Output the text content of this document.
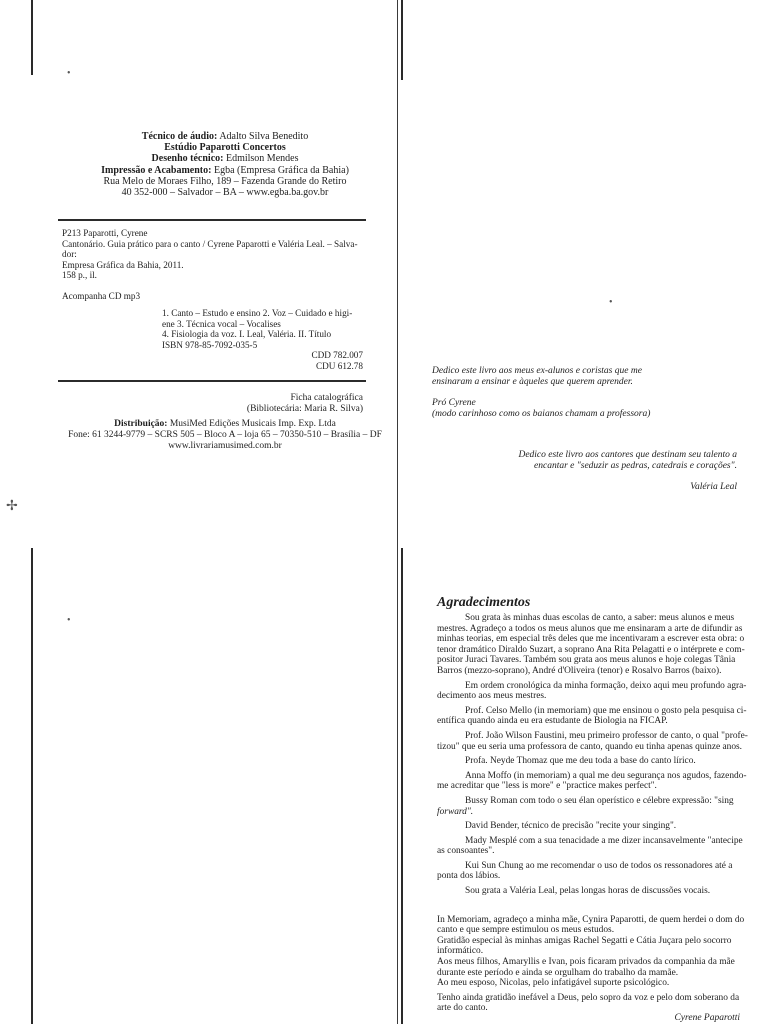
•
•
•
✢
Técnico de áudio: Adalto Silva Benedito
Estúdio Paparotti Concertos
Desenho técnico: Edmilson Mendes
Impressão e Acabamento: Egba (Empresa Gráfica da Bahia)
Rua Melo de Moraes Filho, 189 – Fazenda Grande do Retiro
40 352-000 – Salvador – BA – www.egba.ba.gov.br
P213 Paparotti, Cyrene
Cantonário. Guia prático para o canto / Cyrene Paparotti e Valéria Leal. – Salva-
dor:
Empresa Gráfica da Bahia, 2011.
158 p., il.
Acompanha CD mp3
1. Canto – Estudo e ensino 2. Voz – Cuidado e higi-
ene 3. Técnica vocal – Vocalises
4. Fisiologia da voz. I. Leal, Valéria. II. Título
ISBN 978-85-7092-035-5
CDD 782.007
CDU 612.78
Ficha catalográfica
(Bibliotecária: Maria R. Silva)
Distribuição: MusiMed Edições Musicais Imp. Exp. Ltda
Fone: 61 3244-9779 – SCRS 505 – Bloco A – loja 65 – 70350-510 – Brasília – DF
www.livrariamusimed.com.br
Dedico este livro aos meus ex-alunos e coristas que me
ensinaram a ensinar e àqueles que querem aprender.
Pró Cyrene
(modo carinhoso como os baianos chamam a professora)
Dedico este livro aos cantores que destinam seu talento a
encantar e "seduzir as pedras, catedrais e corações".
Valéria Leal
Agradecimentos
Sou grata às minhas duas escolas de canto, a saber: meus alunos e meus
mestres. Agradeço a todos os meus alunos que me ensinaram a arte de difundir as
minhas teorias, em especial três deles que me incentivaram a escrever esta obra: o
tenor dramático Diraldo Suzart, a soprano Ana Rita Pelagatti e o intérprete e com-
positor Juraci Tavares. Também sou grata aos meus alunos e hoje colegas Tânia
Barros (mezzo-soprano), André d'Oliveira (tenor) e Rosalvo Barros (baixo).
Em ordem cronológica da minha formação, deixo aqui meu profundo agra-
decimento aos meus mestres.
Prof. Celso Mello (in memoriam) que me ensinou o gosto pela pesquisa ci-
entífica quando ainda eu era estudante de Biologia na FICAP.
Prof. João Wilson Faustini, meu primeiro professor de canto, o qual "profe-
tizou" que eu seria uma professora de canto, quando eu tinha apenas quinze anos.
Profa. Neyde Thomaz que me deu toda a base do canto lírico.
Anna Moffo (in memoriam) a qual me deu segurança nos agudos, fazendo-
me acreditar que "less is more" e "practice makes perfect".
Bussy Roman com todo o seu élan operístico e célebre expressão: "sing
forward".
David Bender, técnico de precisão "recite your singing".
Mady Mesplé com a sua tenacidade a me dizer incansavelmente "antecipe
as consoantes".
Kui Sun Chung ao me recomendar o uso de todos os ressonadores até a
ponta dos lábios.
Sou grata a Valéria Leal, pelas longas horas de discussões vocais.
In Memoriam, agradeço a minha mãe, Cynira Paparotti, de quem herdei o dom do
canto e que sempre estimulou os meus estudos.
Gratidão especial às minhas amigas Rachel Segatti e Cátia Juçara pelo socorro
informático.
Aos meus filhos, Amaryllis e Ivan, pois ficaram privados da companhia da mãe
durante este período e ainda se orgulham do trabalho da mamãe.
Ao meu esposo, Nicolas, pelo infatigável suporte psicológico.
Tenho ainda gratidão inefável a Deus, pelo sopro da voz e pelo dom soberano da
arte do canto.
Cyrene Paparotti
